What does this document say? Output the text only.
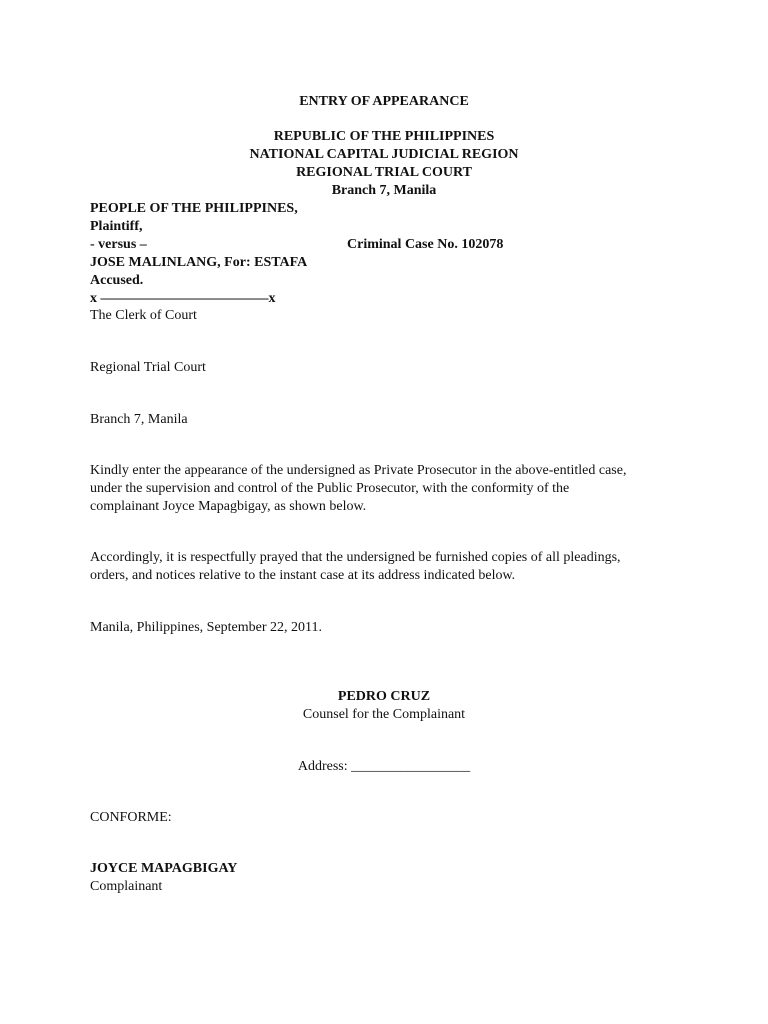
ENTRY OF APPEARANCE
REPUBLIC OF THE PHILIPPINES
NATIONAL CAPITAL JUDICIAL REGION
REGIONAL TRIAL COURT
Branch 7, Manila
PEOPLE OF THE PHILIPPINES,
Plaintiff,
- versus –	Criminal Case No. 102078
JOSE MALINLANG, For: ESTAFA
Accused.
x ————————————x
The Clerk of Court
Regional Trial Court
Branch 7, Manila
Kindly enter the appearance of the undersigned as Private Prosecutor in the above-entitled case,
under the supervision and control of the Public Prosecutor, with the conformity of the
complainant Joyce Mapagbigay, as shown below.
Accordingly, it is respectfully prayed that the undersigned be furnished copies of all pleadings,
orders, and notices relative to the instant case at its address indicated below.
Manila, Philippines, September 22, 2011.
PEDRO CRUZ
Counsel for the Complainant
Address: _________________
CONFORME:
JOYCE MAPAGBIGAY
Complainant
